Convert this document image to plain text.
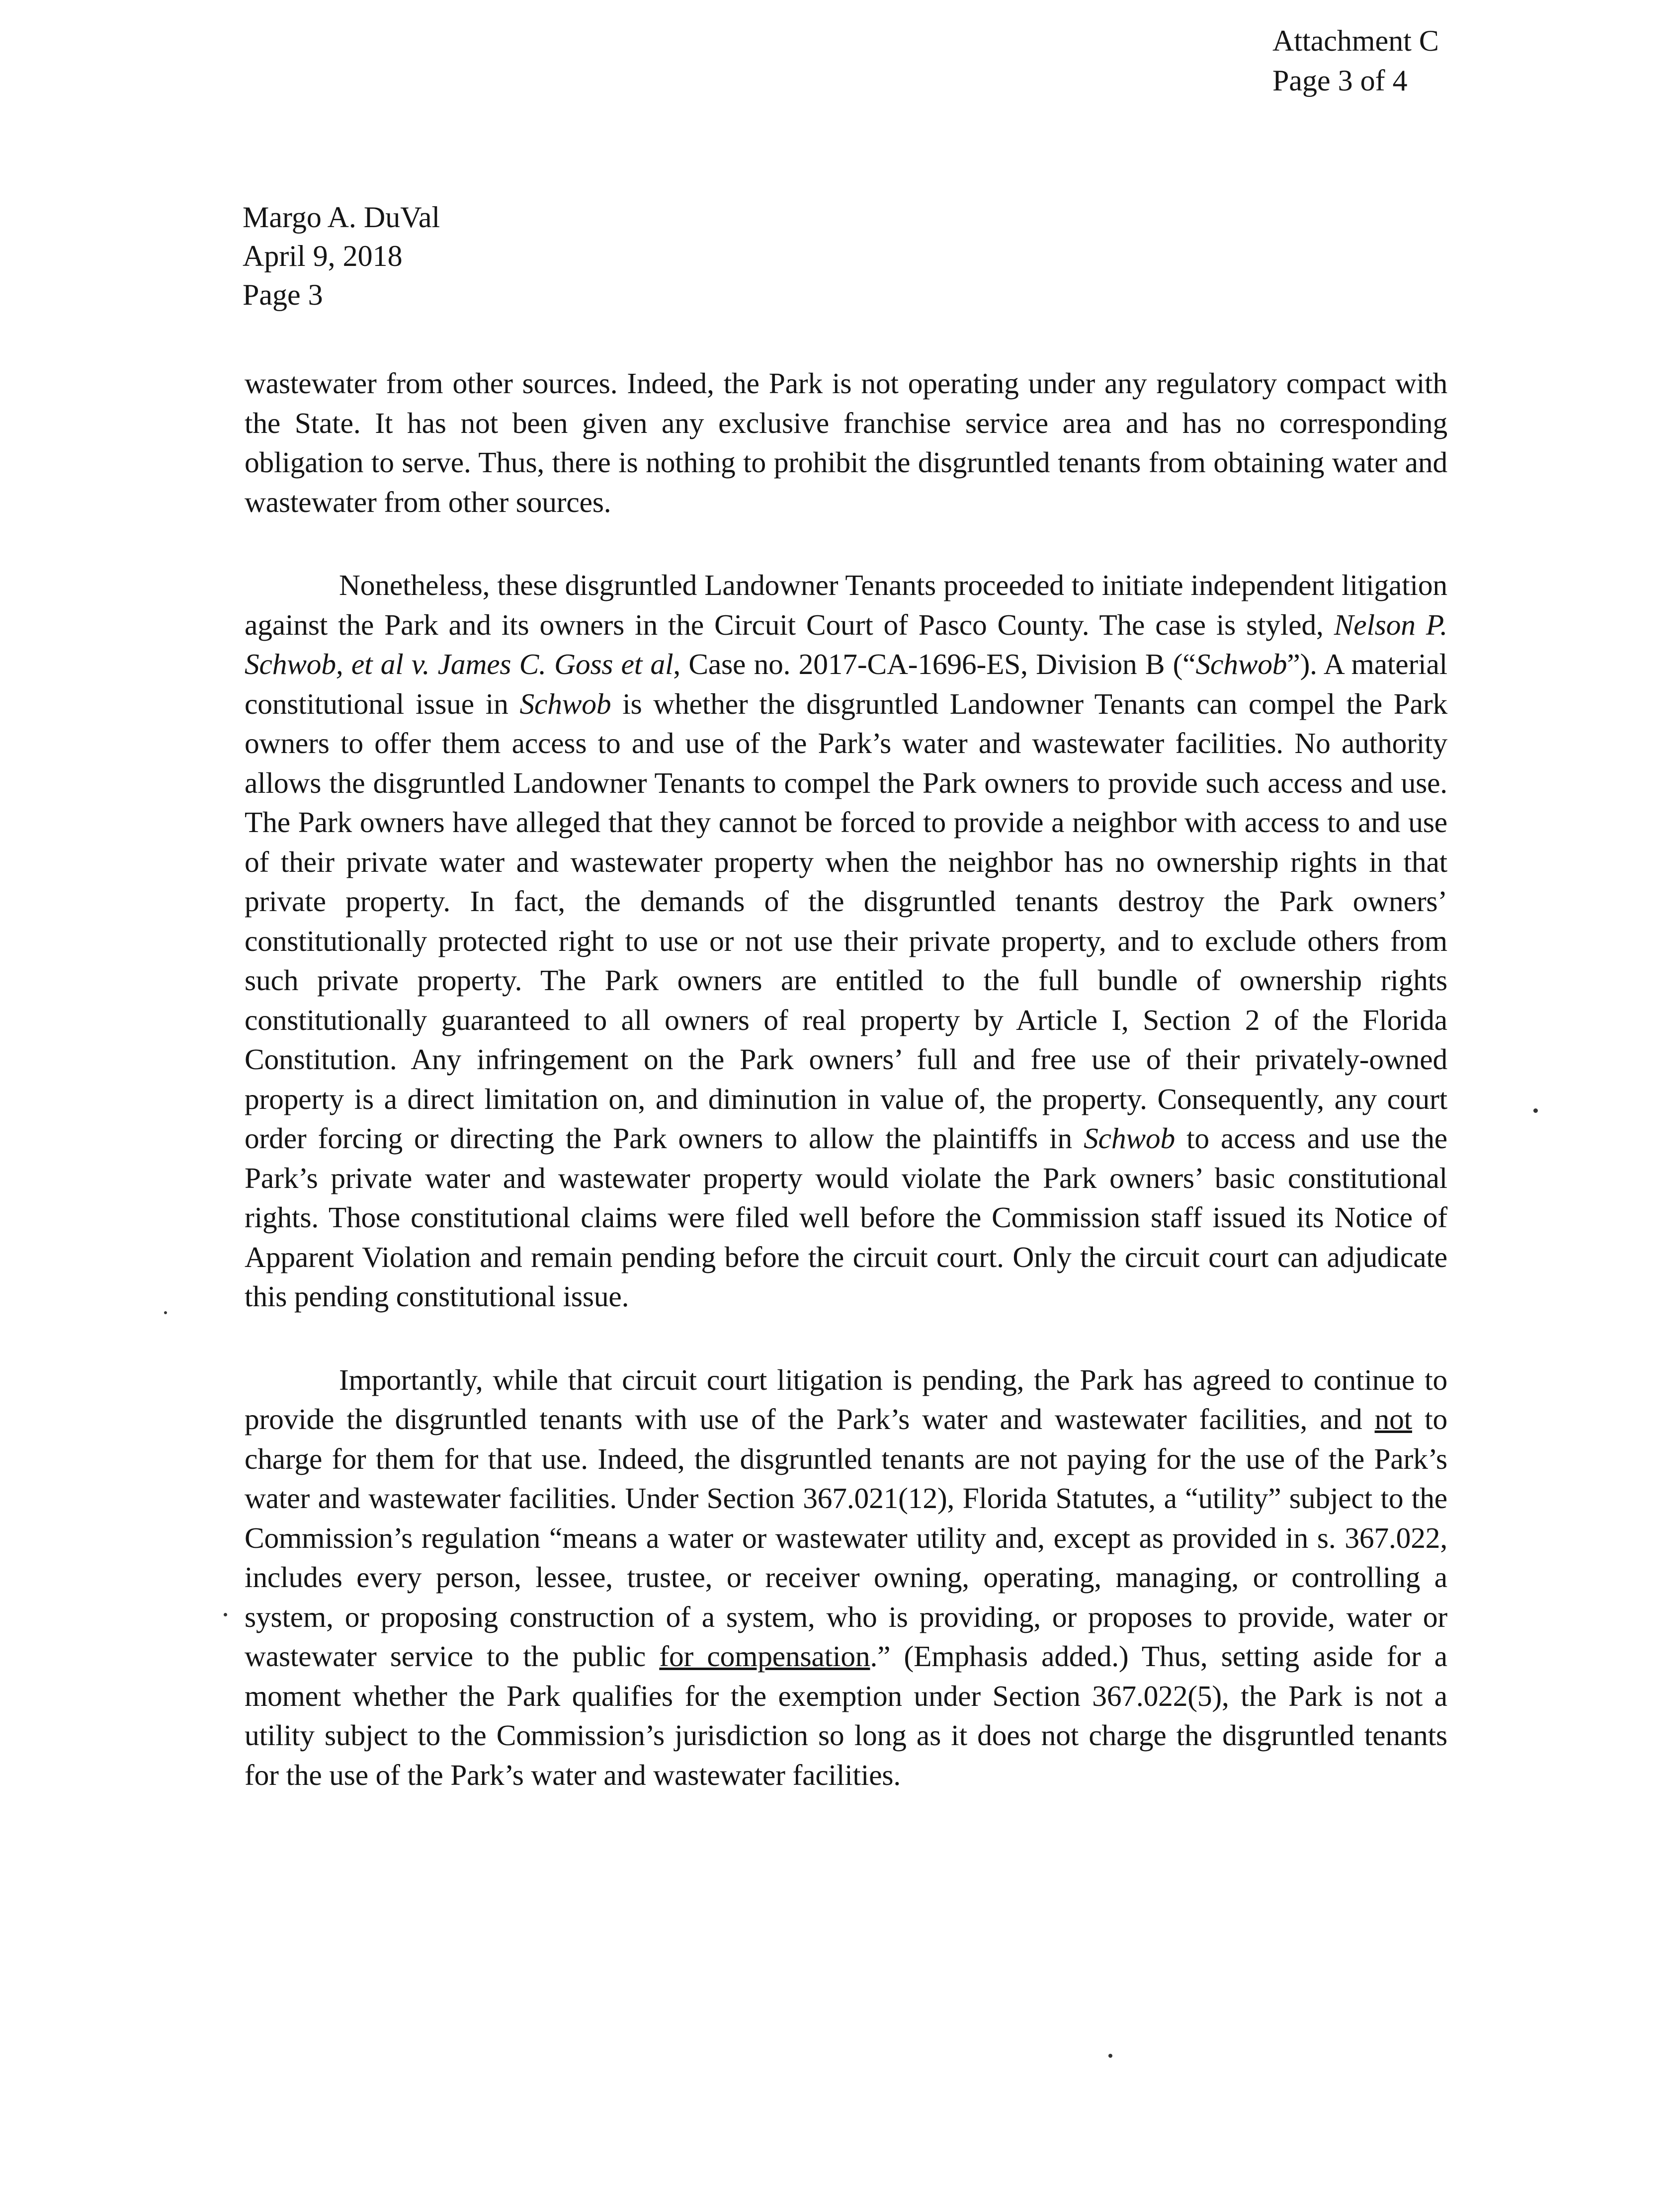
Attachment C
Page 3 of 4
Margo A. DuVal
April 9, 2018
Page 3

wastewater from other sources. Indeed, the Park is not operating under any regulatory compact with the State. It has not been given any exclusive franchise service area and has no corresponding obligation to serve. Thus, there is nothing to prohibit the disgruntled tenants from obtaining water and wastewater from other sources.

Nonetheless, these disgruntled Landowner Tenants proceeded to initiate independent litigation against the Park and its owners in the Circuit Court of Pasco County. The case is styled, Nelson P. Schwob, et al v. James C. Goss et al, Case no. 2017-CA-1696-ES, Division B (“Schwob”). A material constitutional issue in Schwob is whether the disgruntled Landowner Tenants can compel the Park owners to offer them access to and use of the Park’s water and wastewater facilities. No authority allows the disgruntled Landowner Tenants to compel the Park owners to provide such access and use. The Park owners have alleged that they cannot be forced to provide a neighbor with access to and use of their private water and wastewater property when the neighbor has no ownership rights in that private property. In fact, the demands of the disgruntled tenants destroy the Park owners’ constitutionally protected right to use or not use their private property, and to exclude others from such private property. The Park owners are entitled to the full bundle of ownership rights constitutionally guaranteed to all owners of real property by Article I, Section 2 of the Florida Constitution. Any infringement on the Park owners’ full and free use of their privately-owned property is a direct limitation on, and diminution in value of, the property. Consequently, any court order forcing or directing the Park owners to allow the plaintiffs in Schwob to access and use the Park’s private water and wastewater property would violate the Park owners’ basic constitutional rights. Those constitutional claims were filed well before the Commission staff issued its Notice of Apparent Violation and remain pending before the circuit court. Only the circuit court can adjudicate this pending constitutional issue.

Importantly, while that circuit court litigation is pending, the Park has agreed to continue to provide the disgruntled tenants with use of the Park’s water and wastewater facilities, and not to charge for them for that use. Indeed, the disgruntled tenants are not paying for the use of the Park’s water and wastewater facilities. Under Section 367.021(12), Florida Statutes, a “utility” subject to the Commission’s regulation “means a water or wastewater utility and, except as provided in s. 367.022, includes every person, lessee, trustee, or receiver owning, operating, managing, or controlling a system, or proposing construction of a system, who is providing, or proposes to provide, water or wastewater service to the public for compensation.” (Emphasis added.) Thus, setting aside for a moment whether the Park qualifies for the exemption under Section 367.022(5), the Park is not a utility subject to the Commission’s jurisdiction so long as it does not charge the disgruntled tenants for the use of the Park’s water and wastewater facilities.
